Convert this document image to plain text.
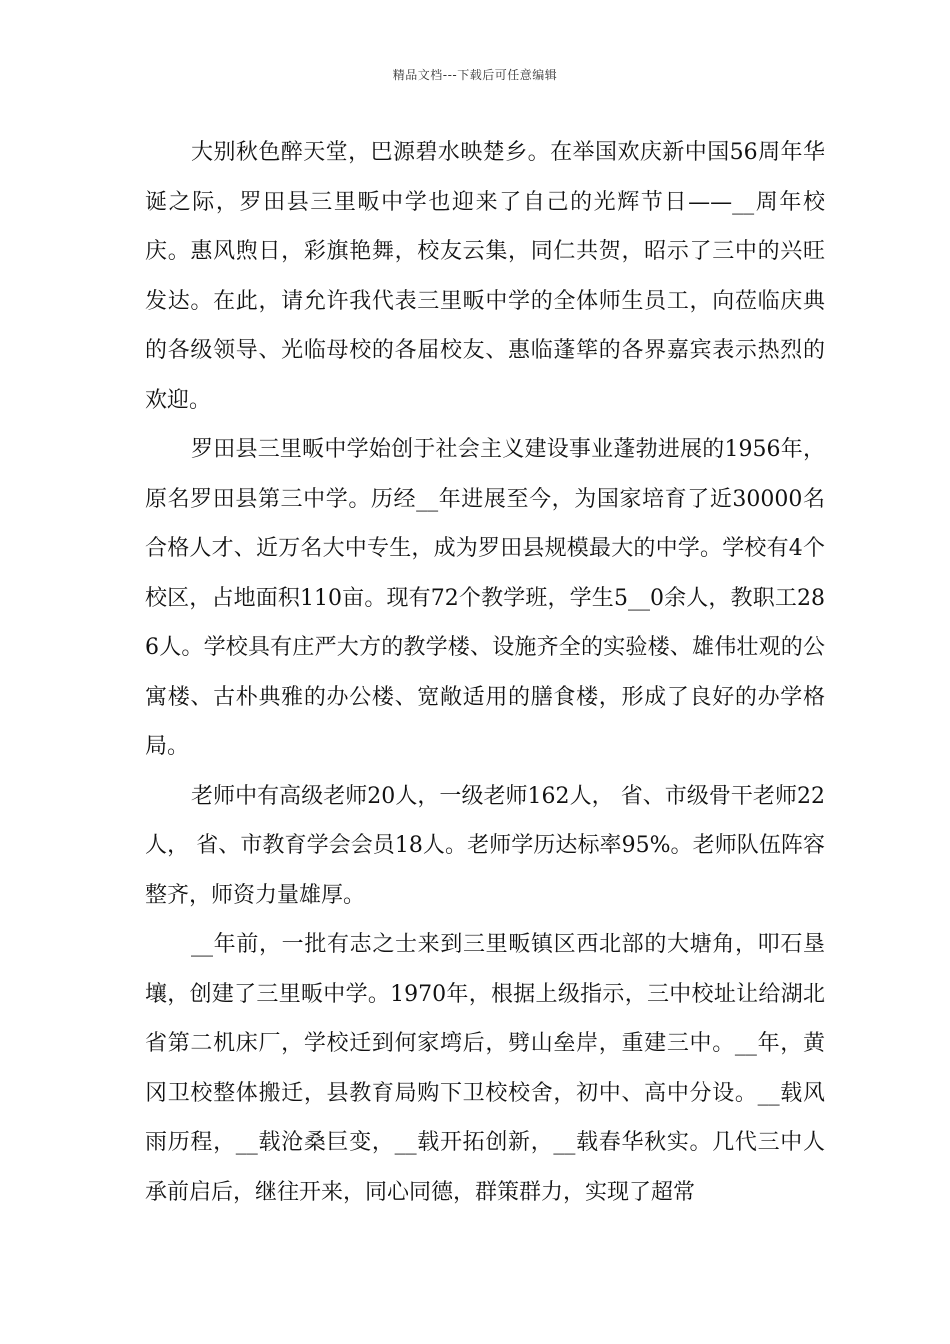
精品文档---下载后可任意编辑

大别秋色醉天堂，巴源碧水映楚乡。在举国欢庆新中国56周年华诞之际，罗田县三里畈中学也迎来了自己的光辉节日——__周年校庆。惠风煦日，彩旗艳舞，校友云集，同仁共贺，昭示了三中的兴旺发达。在此，请允许我代表三里畈中学的全体师生员工，向莅临庆典的各级领导、光临母校的各届校友、惠临蓬筚的各界嘉宾表示热烈的欢迎。

罗田县三里畈中学始创于社会主义建设事业蓬勃进展的1956年，原名罗田县第三中学。历经__年进展至今，为国家培育了近30000名合格人才、近万名大中专生，成为罗田县规模最大的中学。学校有4个校区，占地面积110亩。现有72个教学班，学生5__0余人，教职工286人。学校具有庄严大方的教学楼、设施齐全的实验楼、雄伟壮观的公寓楼、古朴典雅的办公楼、宽敞适用的膳食楼，形成了良好的办学格局。

老师中有高级老师20人，一级老师162人， 省、市级骨干老师22人， 省、市教育学会会员18人。老师学历达标率95%。老师队伍阵容整齐，师资力量雄厚。

__年前，一批有志之士来到三里畈镇区西北部的大塘角，叩石垦壤，创建了三里畈中学。1970年，根据上级指示，三中校址让给湖北省第二机床厂，学校迁到何家塆后，劈山垒岸，重建三中。__年，黄冈卫校整体搬迁，县教育局购下卫校校舍，初中、高中分设。__载风雨历程，__载沧桑巨变，__载开拓创新，__载春华秋实。几代三中人承前启后，继往开来，同心同德，群策群力，实现了超常
